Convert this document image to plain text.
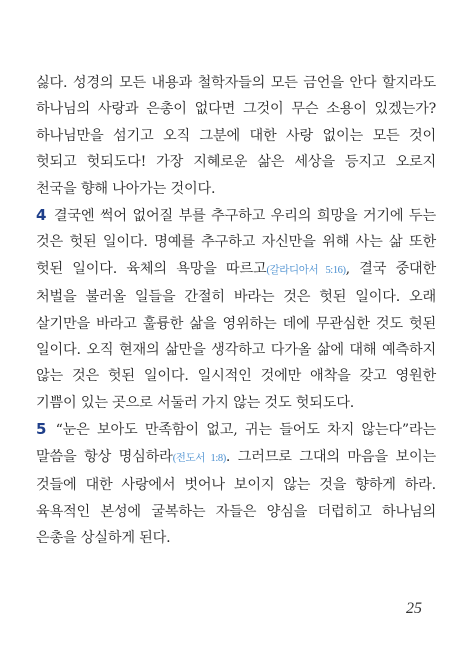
싫다. 성경의 모든 내용과 철학자들의 모든 금언을 안다 할지라도 하나님의 사랑과 은총이 없다면 그것이 무슨 소용이 있겠는가? 하나님만을 섬기고 오직 그분에 대한 사랑 없이는 모든 것이 헛되고 헛되도다! 가장 지혜로운 삶은 세상을 등지고 오로지 천국을 향해 나아가는 것이다.

4 결국엔 썩어 없어질 부를 추구하고 우리의 희망을 거기에 두는 것은 헛된 일이다. 명예를 추구하고 자신만을 위해 사는 삶 또한 헛된 일이다. 육체의 욕망을 따르고(갈라디아서 5:16), 결국 중대한 처벌을 불러올 일들을 간절히 바라는 것은 헛된 일이다. 오래 살기만을 바라고 훌륭한 삶을 영위하는 데에 무관심한 것도 헛된 일이다. 오직 현재의 삶만을 생각하고 다가올 삶에 대해 예측하지 않는 것은 헛된 일이다. 일시적인 것에만 애착을 갖고 영원한 기쁨이 있는 곳으로 서둘러 가지 않는 것도 헛되도다.

5 “눈은 보아도 만족함이 없고, 귀는 들어도 차지 않는다”라는 말씀을 항상 명심하라(전도서 1:8). 그러므로 그대의 마음을 보이는 것들에 대한 사랑에서 벗어나 보이지 않는 것을 향하게 하라. 육욕적인 본성에 굴복하는 자들은 양심을 더럽히고 하나님의 은총을 상실하게 된다.

25
